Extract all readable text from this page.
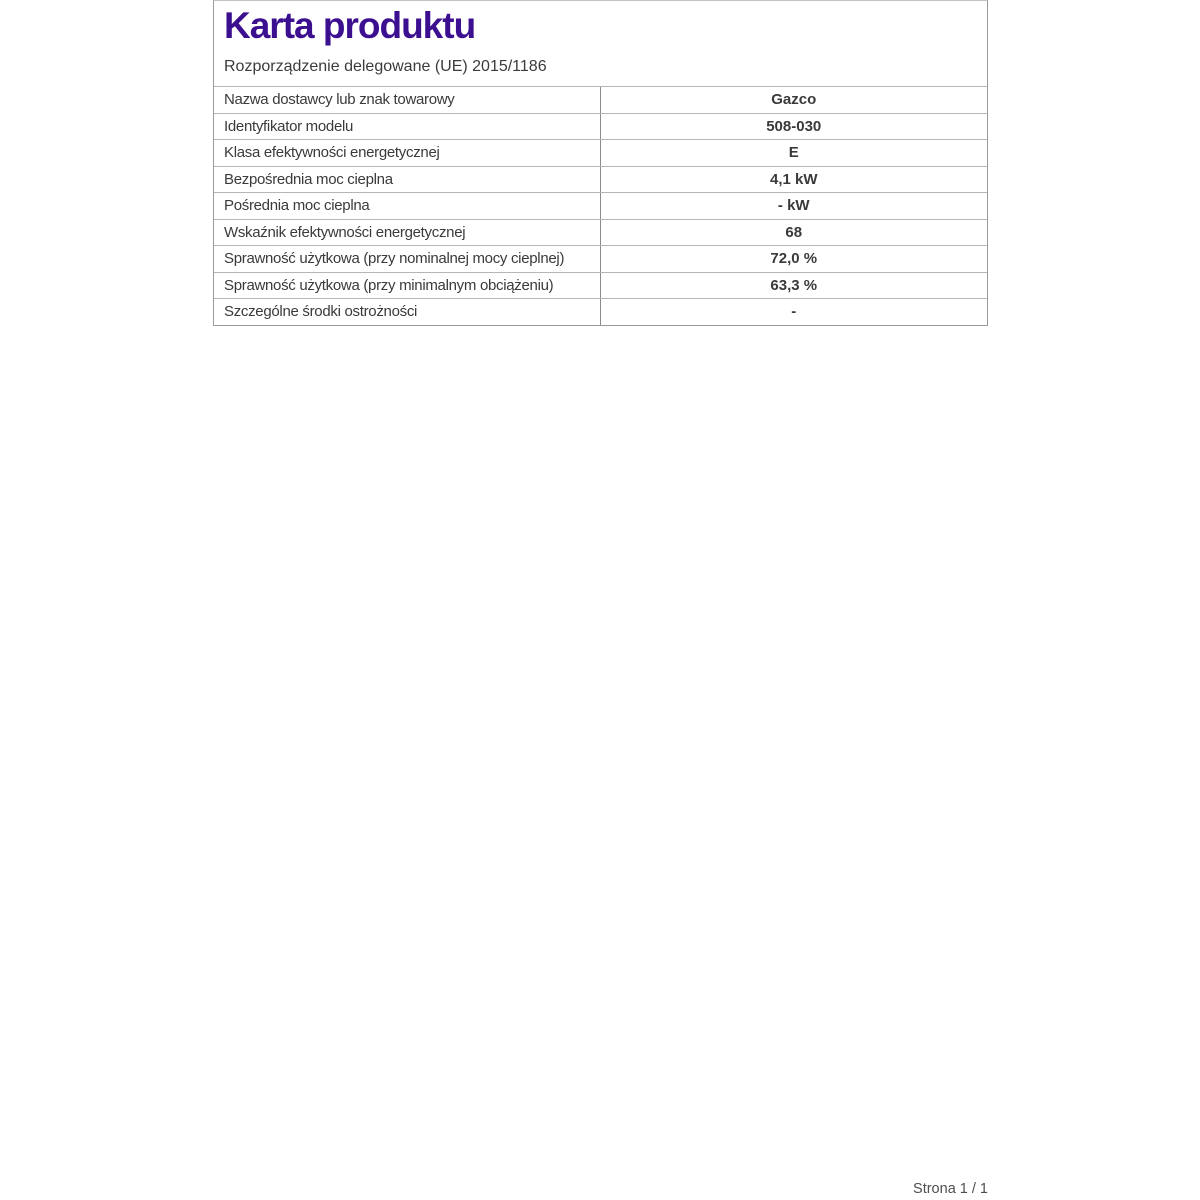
Karta produktu
Rozporządzenie delegowane (UE) 2015/1186
Nazwa dostawcy lub znak towarowy	Gazco
Identyfikator modelu	508-030
Klasa efektywności energetycznej	E
Bezpośrednia moc cieplna	4,1 kW
Pośrednia moc cieplna	- kW
Wskaźnik efektywności energetycznej	68
Sprawność użytkowa (przy nominalnej mocy cieplnej)	72,0 %
Sprawność użytkowa (przy minimalnym obciążeniu)	63,3 %
Szczególne środki ostrożności	-
Strona 1 / 1
